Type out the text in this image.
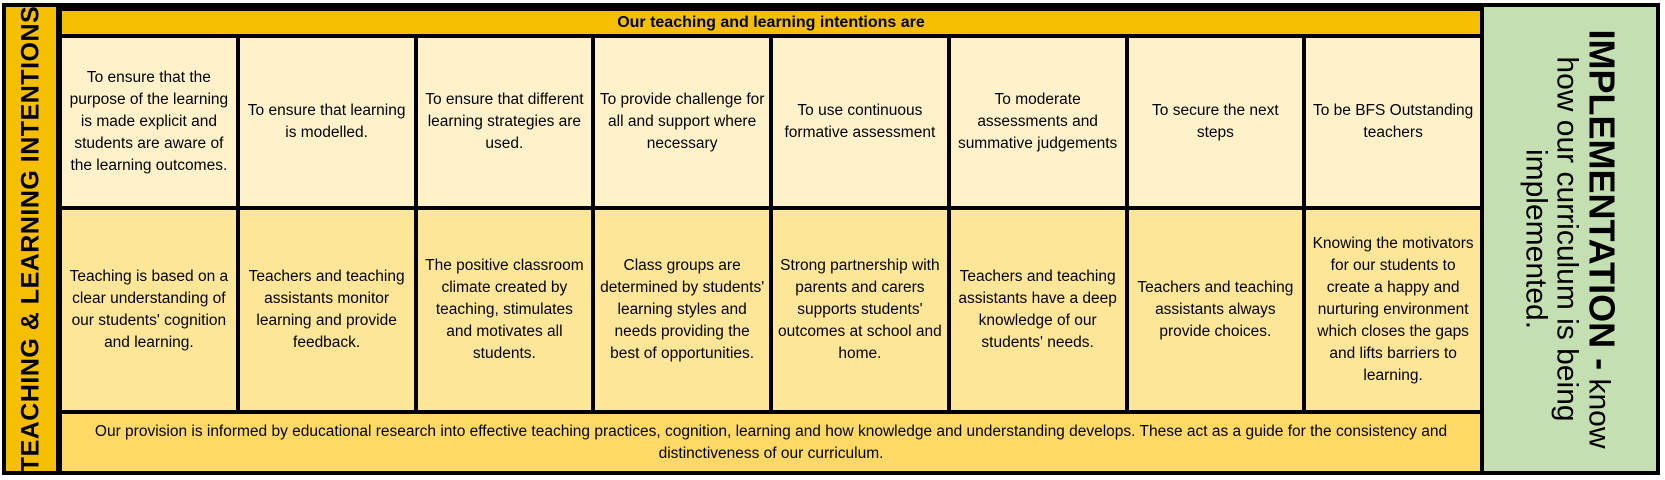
TEACHING & LEARNING INTENTIONS	Our teaching and learning intentions are
To ensure that the purpose of the learning is made explicit and students are aware of the learning outcomes.
To ensure that learning is modelled.
To ensure that different learning strategies are used.
To provide challenge for all and support where necessary
To use continuous formative assessment
To moderate assessments and summative judgements
To secure the next steps
To be BFS Outstanding teachers
Teaching is based on a clear understanding of our students' cognition and learning.
Teachers and teaching assistants monitor learning and provide feedback.
The positive classroom climate created by teaching, stimulates and motivates all students.
Class groups are determined by students' learning styles and needs providing the best of opportunities.
Strong partnership with parents and carers supports students' outcomes at school and home.
Teachers and teaching assistants have a deep knowledge of our students' needs.
Teachers and teaching assistants always provide choices.
Knowing the motivators for our students to create a happy and nurturing environment which closes the gaps and lifts barriers to learning.
Our provision is informed by educational research into effective teaching practices, cognition, learning and how knowledge and understanding develops. These act as a guide for the consistency and distinctiveness of our curriculum.
IMPLEMENTATION - know how our curriculum is being implemented.
